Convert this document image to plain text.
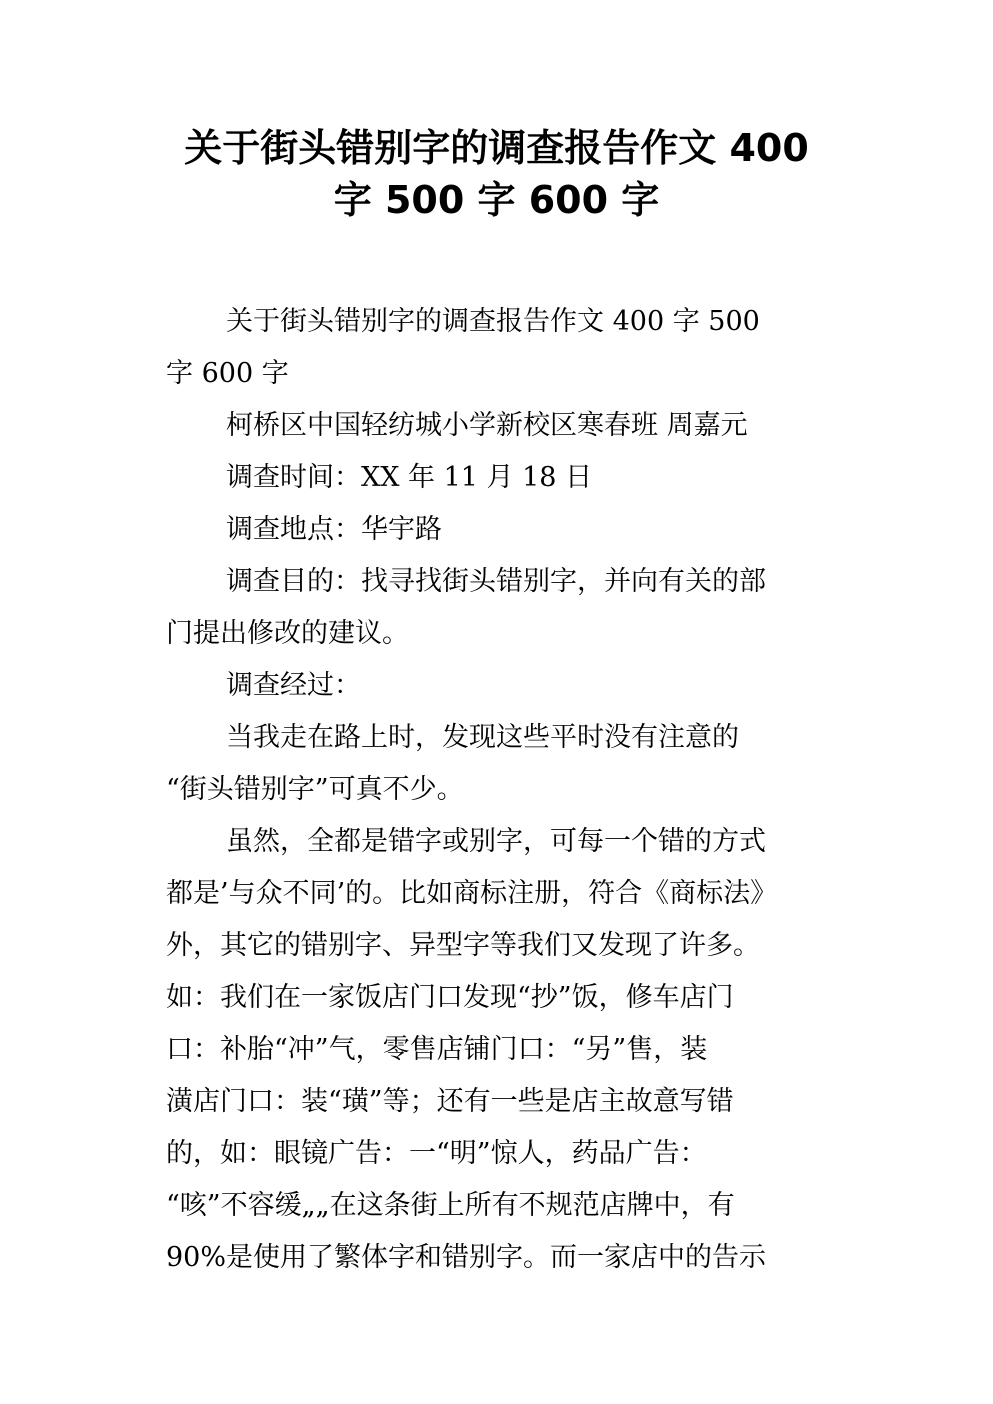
关于街头错别字的调查报告作文 400
字 500 字 600 字

关于街头错别字的调查报告作文 400 字 500

字 600 字

柯桥区中国轻纺城小学新校区寒春班 周嘉元

调查时间：XX 年 11 月 18 日

调查地点：华宇路

调查目的：找寻找街头错别字，并向有关的部

门提出修改的建议。

调查经过：

当我走在路上时，发现这些平时没有注意的

“街头错别字”可真不少。

虽然，全都是错字或别字，可每一个错的方式

都是’与众不同’的。比如商标注册，符合《商标法》

外，其它的错别字、异型字等我们又发现了许多。

如：我们在一家饭店门口发现“抄”饭，修车店门

口：补胎“冲”气，零售店铺门口：“另”售，装

潢店门口：装“璜”等；还有一些是店主故意写错

的，如：眼镜广告：一“明”惊人，药品广告：

“咳”不容缓„„在这条街上所有不规范店牌中，有

90%是使用了繁体字和错别字。而一家店中的告示
